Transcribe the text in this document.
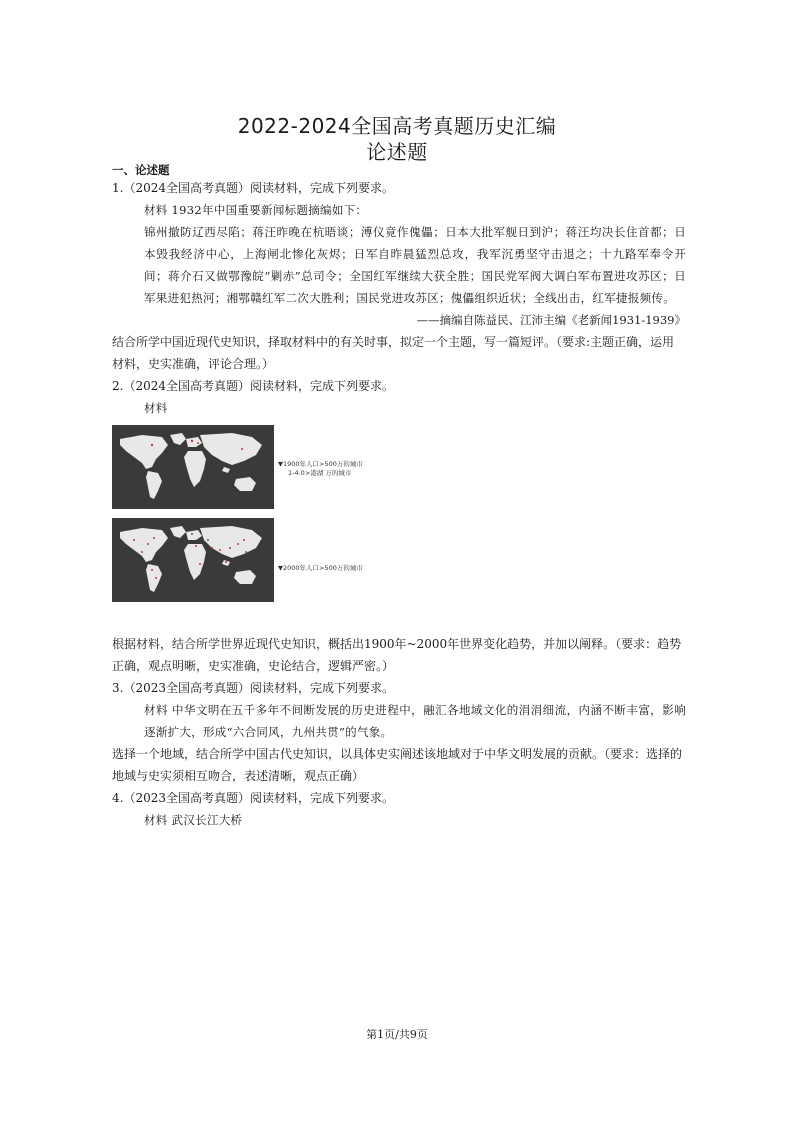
2022-2024全国高考真题历史汇编
论述题
一、论述题

1.（2024全国高考真题）阅读材料，完成下列要求。

材料 1932年中国重要新闻标题摘编如下：

锦州撤防辽西尽陷；蒋汪昨晚在杭晤谈；溥仪竟作傀儡；日本大批军舰日到沪；蒋汪均决长住首都；日本毁我经济中心，上海闸北惨化灰烬；日军自昨晨猛烈总攻，我军沉勇坚守击退之；十九路军奉令开间；蒋介石又做鄂豫皖“剿赤”总司令；全国红军继续大获全胜；国民党军阀大调白军布置进攻苏区；日军果进犯热河；湘鄂赣红军二次大胜利；国民党进攻苏区；傀儡组织近状；全线出击，红军捷报频传。

——摘编自陈益民、江沛主编《老新闻1931-1939》

结合所学中国近现代史知识，择取材料中的有关时事，拟定一个主题，写一篇短评。（要求:主题正确，运用材料，史实准确，评论合理。）

2.（2024全国高考真题）阅读材料，完成下列要求。

材料

▼1900年人口>500万的城市
1-4.0>港湖 万的城市
▼2000年人口>500万的城市

根据材料，结合所学世界近现代史知识，概括出1900年~2000年世界变化趋势，并加以阐释。（要求：趋势正确，观点明晰，史实准确，史论结合，逻辑严密。）

3.（2023全国高考真题）阅读材料，完成下列要求。

材料 中华文明在五千多年不间断发展的历史进程中，融汇各地域文化的涓涓细流，内涵不断丰富，影响逐渐扩大，形成“六合同风，九州共贯”的气象。

选择一个地域，结合所学中国古代史知识，以具体史实阐述该地域对于中华文明发展的贡献。（要求：选择的地域与史实须相互吻合，表述清晰，观点正确）

4.（2023全国高考真题）阅读材料，完成下列要求。

材料 武汉长江大桥

第1页/共9页
